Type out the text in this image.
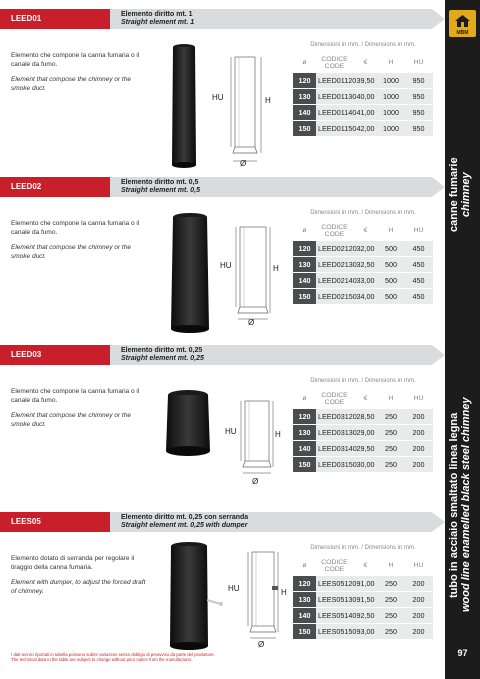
MBM
canne fumarie chimney
tubo in acciaio smaltato linea legna wood line enamelled black steel chimney
97
LEED01	Elemento diritto mt. 1
Straight element mt. 1
Elemento che compone la canna fumaria o il canale da fumo.
Element that compose the chimney or the smoke duct.
HU	H
Ø
Dimensioni in mm. / Dimensions in mm.
ø	CODICE CODE	€	H	HU
120	LEED01120 39,50	1000	950
130	LEED01130 40,00	1000	950
140	LEED01140 41,00	1000	950
150	LEED01150 42,00	1000	950
LEED02	Elemento diritto mt. 0,5
Straight element mt. 0,5
Elemento che compone la canna fumaria o il canale da fumo.
Element that compose the chimney or the smoke duct.
HU	H
Ø
Dimensioni in mm. / Dimensions in mm.
ø	CODICE CODE	€	H	HU
120	LEED02120 32,00	500	450
130	LEED02130 32,50	500	450
140	LEED02140 33,00	500	450
150	LEED02150 34,00	500	450
LEED03	Elemento diritto mt. 0,25
Straight element mt. 0,25
Elemento che compone la canna fumaria o il canale da fumo.
Element that compose the chimney or the smoke duct.
HU	H
Ø
Dimensioni in mm. / Dimensions in mm.
ø	CODICE CODE	€	H	HU
120	LEED03120 28,50	250	200
130	LEED03130 29,00	250	200
140	LEED03140 29,50	250	200
150	LEED03150 30,00	250	200
LEES05	Elemento diritto mt. 0,25 con serranda
Straight element mt. 0,25 with dumper
Elemento dotato di serranda per regolare il tiraggio della canna fumaria.
Element with dumper, to adjust the forced draft of chimney.	HU	H
Ø
Dimensioni in mm. / Dimensions in mm.
ø	CODICE CODE	€	H	HU
120	LEES05120 91,00	250	200
130	LEES05130 91,50	250	200
140	LEES05140 92,50	250	200
150	LEES05150 93,00	250	200
I dati tecnici riportati in tabella possono subire variazioni senza obbligo di preavviso da parte del produttore.
The technical data in the table are subject to change without prior notice from the manufacturer.
